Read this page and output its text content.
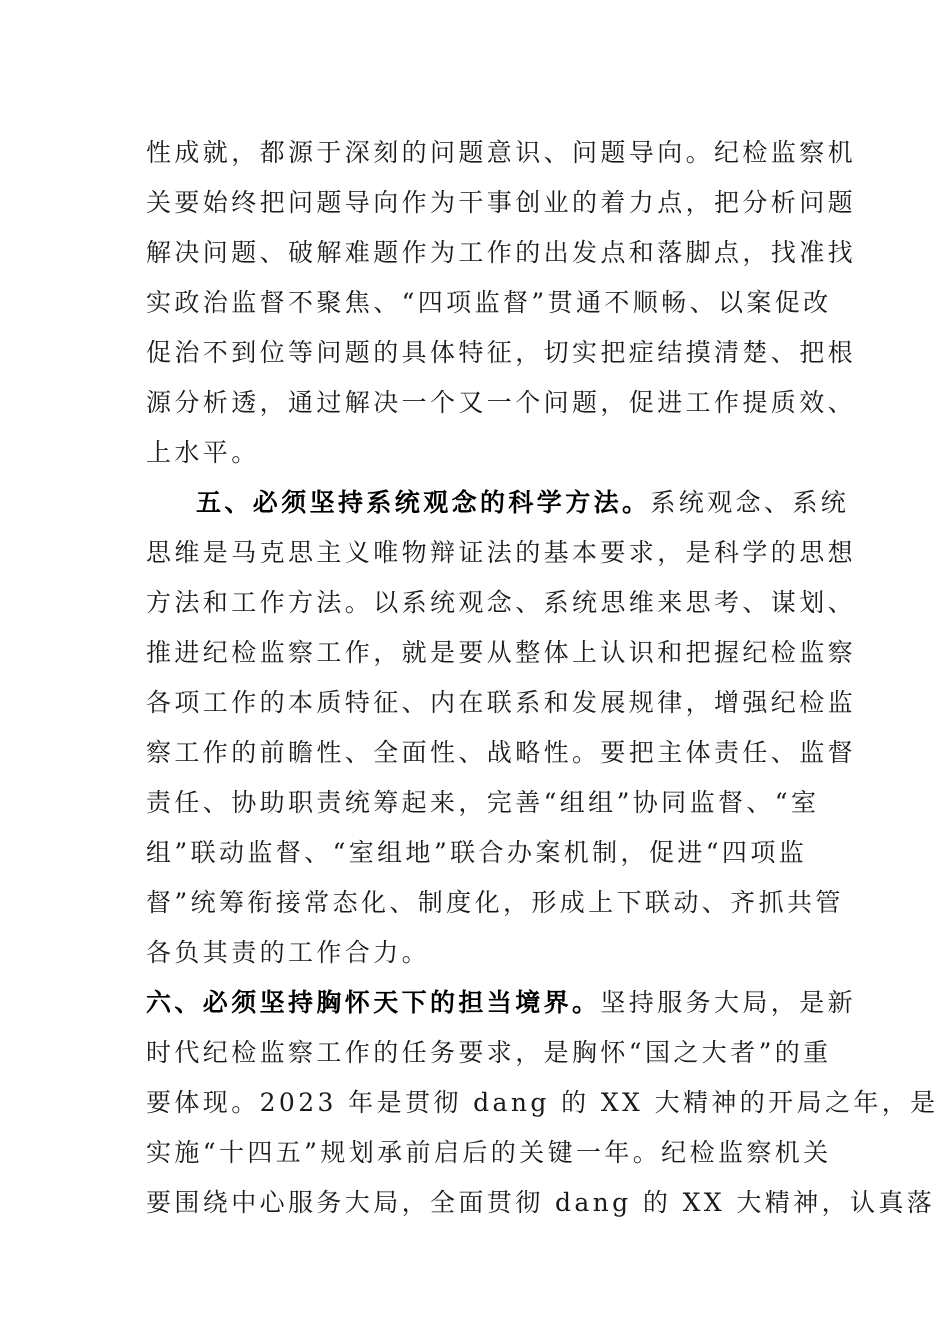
性成就，都源于深刻的问题意识、问题导向。纪检监察机
关要始终把问题导向作为干事创业的着力点，把分析问题
解决问题、破解难题作为工作的出发点和落脚点，找准找
实政治监督不聚焦、“四项监督”贯通不顺畅、以案促改
促治不到位等问题的具体特征，切实把症结摸清楚、把根
源分析透，通过解决一个又一个问题，促进工作提质效、
上水平。
五、必须坚持系统观念的科学方法。系统观念、系统
思维是马克思主义唯物辩证法的基本要求，是科学的思想
方法和工作方法。以系统观念、系统思维来思考、谋划、
推进纪检监察工作，就是要从整体上认识和把握纪检监察
各项工作的本质特征、内在联系和发展规律，增强纪检监
察工作的前瞻性、全面性、战略性。要把主体责任、监督
责任、协助职责统筹起来，完善“组组”协同监督、“室
组”联动监督、“室组地”联合办案机制，促进“四项监
督”统筹衔接常态化、制度化，形成上下联动、齐抓共管
各负其责的工作合力。
六、必须坚持胸怀天下的担当境界。坚持服务大局，是新
时代纪检监察工作的任务要求，是胸怀“国之大者”的重
要体现。2023 年是贯彻 dang 的 XX 大精神的开局之年，是
实施“十四五”规划承前启后的关键一年。纪检监察机关
要围绕中心服务大局，全面贯彻 dang 的 XX 大精神，认真落
